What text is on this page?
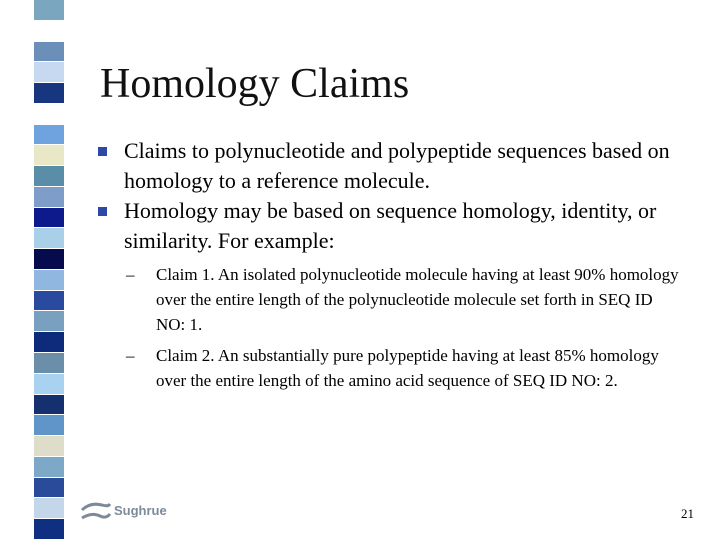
Homology Claims
Claims to polynucleotide and polypeptide sequences based on homology to a reference molecule.
Homology may be based on sequence homology, identity, or similarity. For example:
– Claim 1. An isolated polynucleotide molecule having at least 90% homology over the entire length of the polynucleotide molecule set forth in SEQ ID NO: 1.
– Claim 2. An substantially pure polypeptide having at least 85% homology over the entire length of the amino acid sequence of SEQ ID NO: 2.
Sughrue	21
